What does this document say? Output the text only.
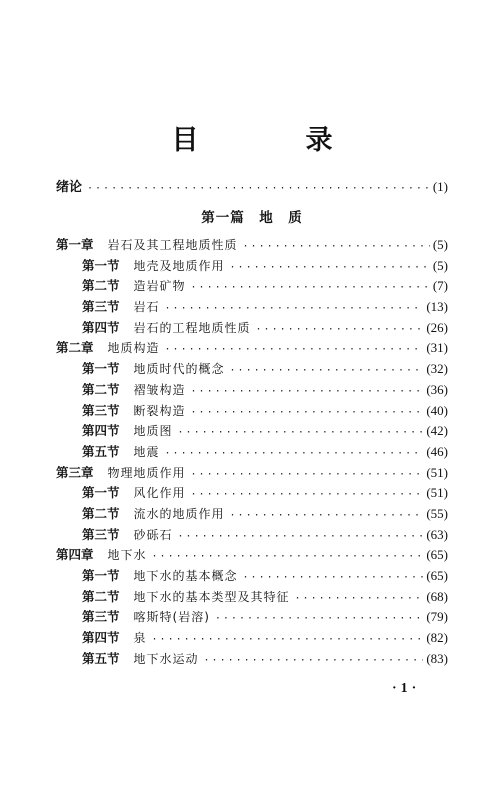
目　录
绪论 ·····	(1)
第一篇　地　质
第一章 岩石及其工程地质性质 ·····	(5)
第一节 地壳及地质作用 ·····	(5)
第二节 造岩矿物 ·····	(7)
第三节 岩石 ·····	(13)
第四节 岩石的工程地质性质 ·····	(26)
第二章 地质构造 ·····	(31)
第一节 地质时代的概念 ·····	(32)
第二节 褶皱构造 ·····	(36)
第三节 断裂构造 ·····	(40)
第四节 地质图 ·····	(42)
第五节 地震 ·····	(46)
第三章 物理地质作用 ·····	(51)
第一节 风化作用 ·····	(51)
第二节 流水的地质作用 ·····	(55)
第三节 砂砾石 ·····	(63)
第四章 地下水 ·····	(65)
第一节 地下水的基本概念 ·····	(65)
第二节 地下水的基本类型及其特征 ·····	(68)
第三节 喀斯特(岩溶) ·····	(79)
第四节 泉 ·····	(82)
第五节 地下水运动 ·····	(83)
·1·
